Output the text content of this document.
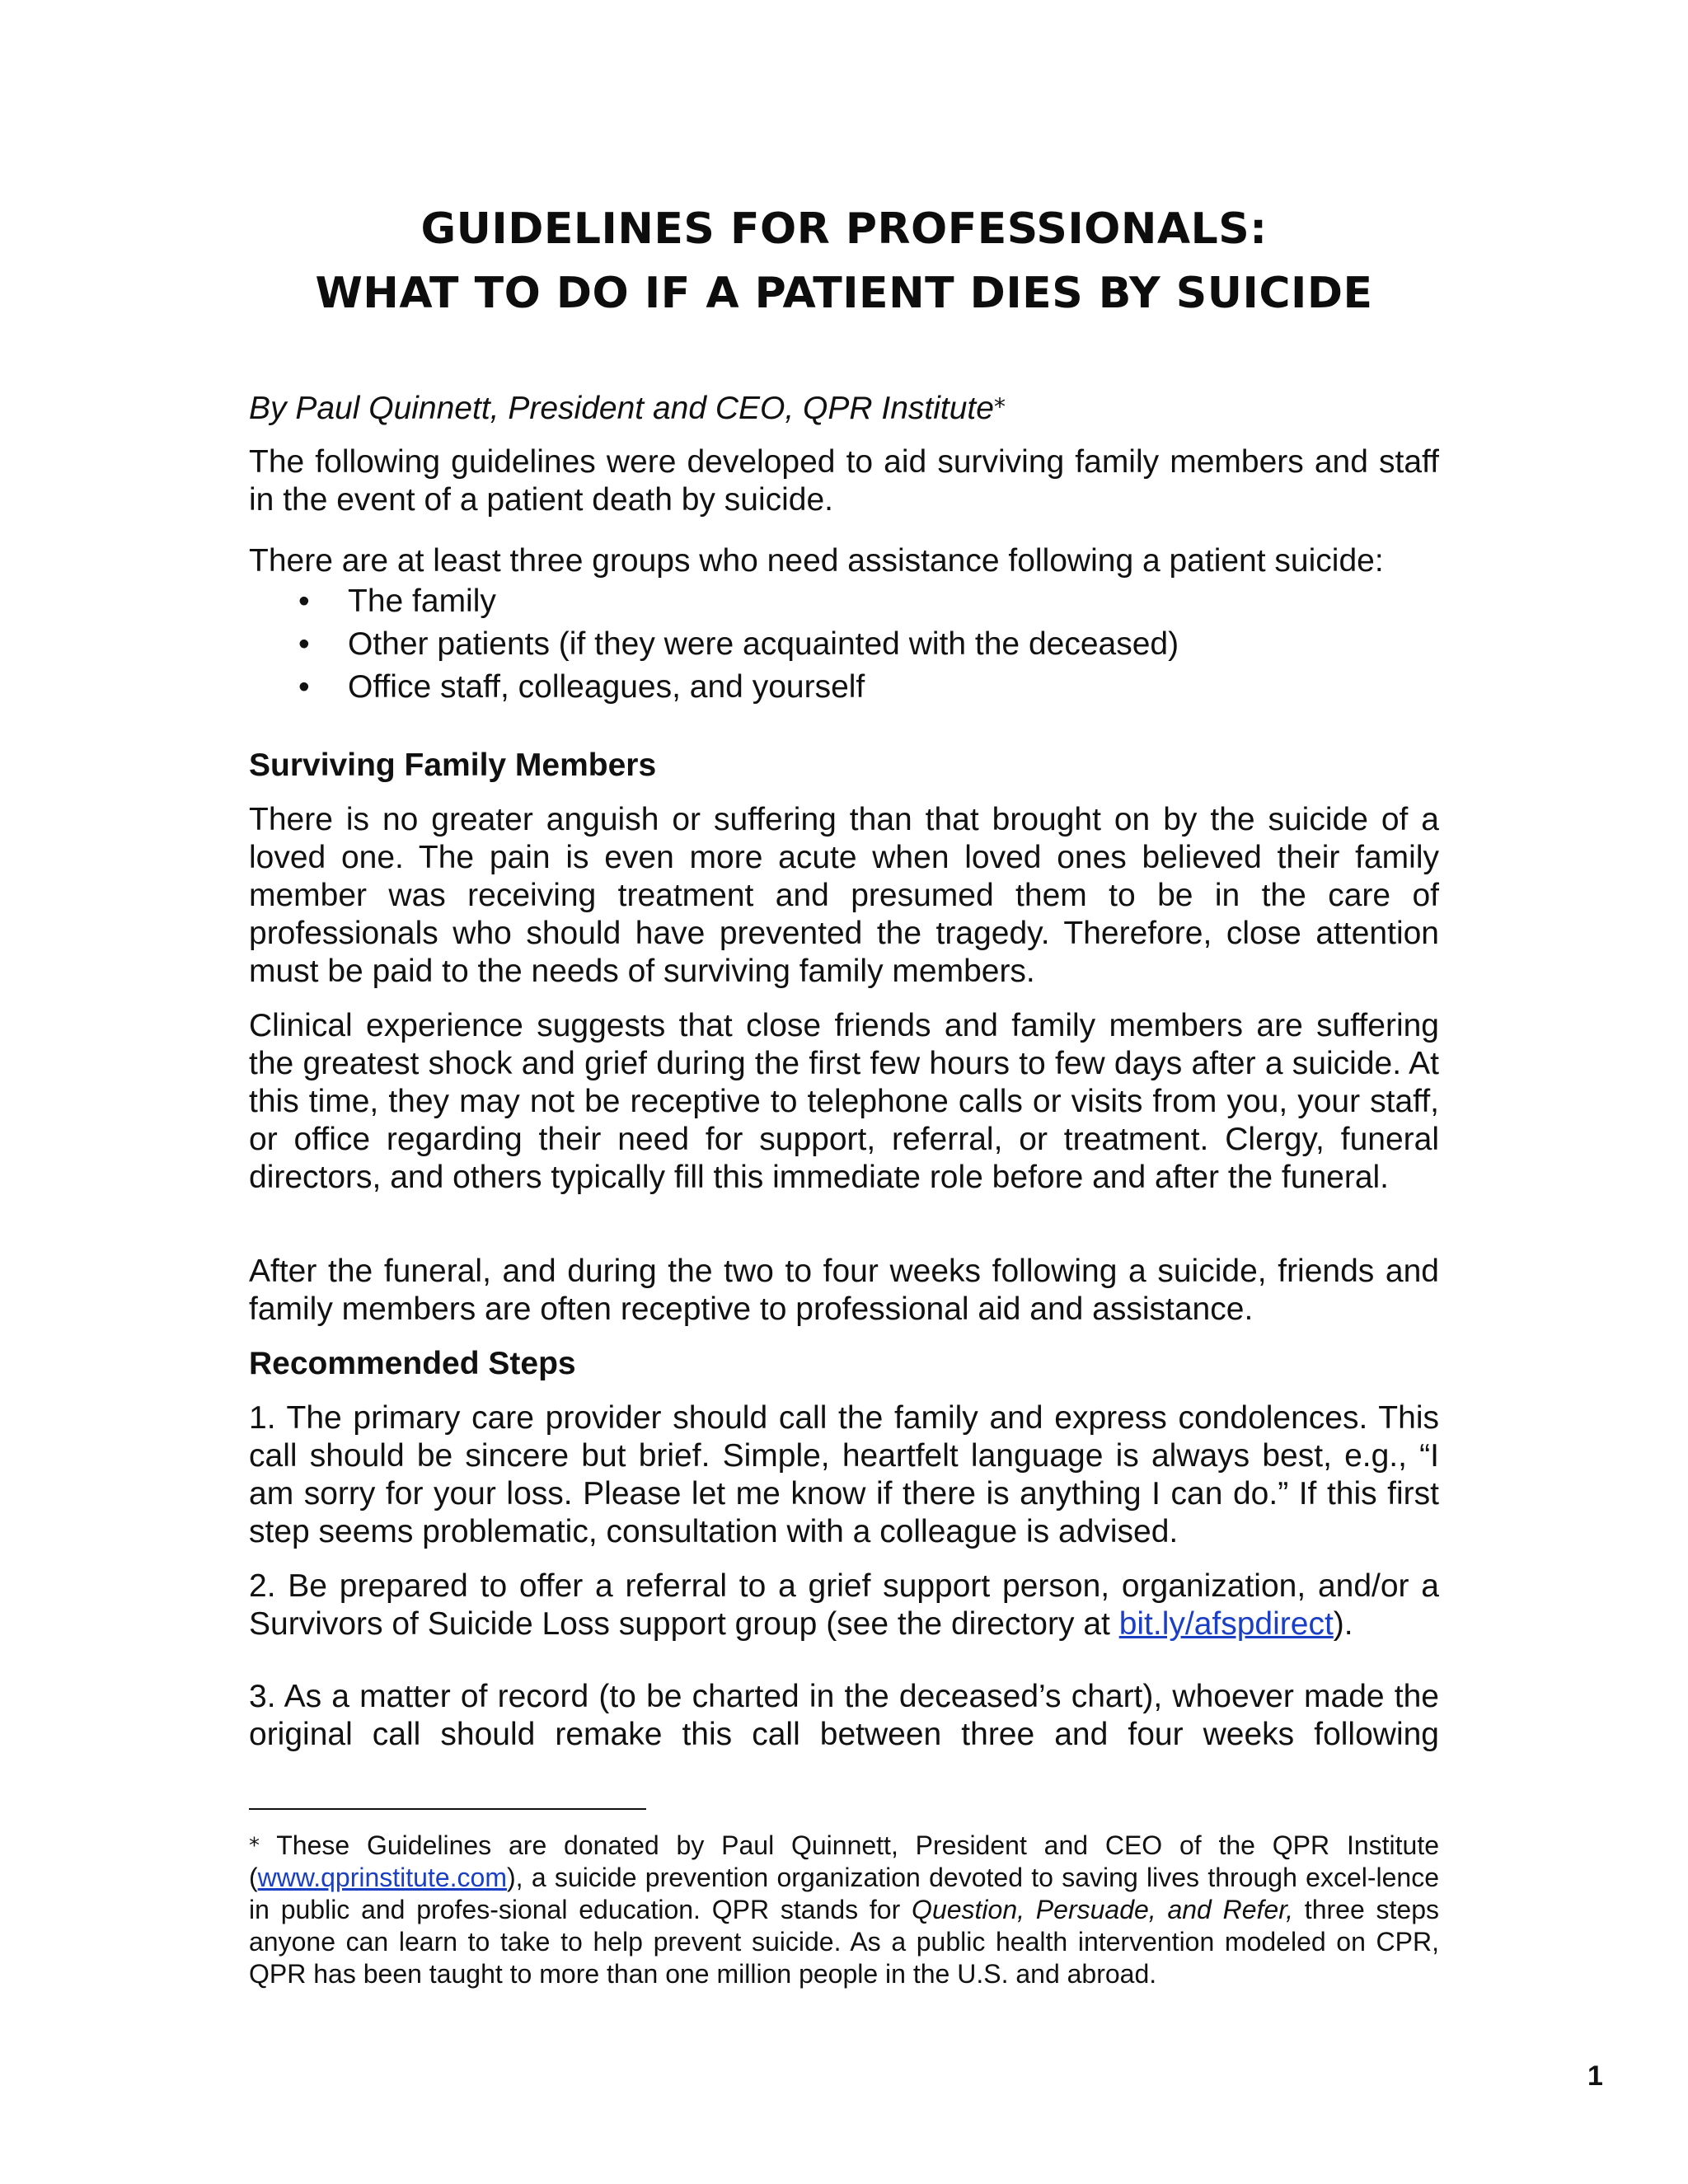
GUIDELINES FOR PROFESSIONALS:
WHAT TO DO IF A PATIENT DIES BY SUICIDE
By Paul Quinnett, President and CEO, QPR Institute⁎

The following guidelines were developed to aid surviving family members and staff in the event of a patient death by suicide.

There are at least three groups who need assistance following a patient suicide:

• The family
• Other patients (if they were acquainted with the deceased)
• Office staff, colleagues, and yourself

Surviving Family Members

There is no greater anguish or suffering than that brought on by the suicide of a loved one. The pain is even more acute when loved ones believed their family member was receiving treatment and presumed them to be in the care of professionals who should have prevented the tragedy. Therefore, close attention must be paid to the needs of surviving family members.

Clinical experience suggests that close friends and family members are suffering the greatest shock and grief during the first few hours to few days after a suicide. At this time, they may not be receptive to telephone calls or visits from you, your staff, or office regarding their need for support, referral, or treatment. Clergy, funeral directors, and others typically fill this immediate role before and after the funeral.

After the funeral, and during the two to four weeks following a suicide, friends and family members are often receptive to professional aid and assistance.

Recommended Steps

1. The primary care provider should call the family and express condolences. This call should be sincere but brief. Simple, heartfelt language is always best, e.g., “I am sorry for your loss. Please let me know if there is anything I can do.” If this first step seems problematic, consultation with a colleague is advised.

2. Be prepared to offer a referral to a grief support person, organization, and/or a Survivors of Suicide Loss support group (see the directory at bit.ly/afspdirect).

3. As a matter of record (to be charted in the deceased’s chart), whoever made the original call should remake this call between three and four weeks following

⁎ These Guidelines are donated by Paul Quinnett, President and CEO of the QPR Institute (www.qprinstitute.com), a suicide prevention organization devoted to saving lives through excel-lence in public and profes-sional education. QPR stands for Question, Persuade, and Refer, three steps anyone can learn to take to help prevent suicide. As a public health intervention modeled on CPR, QPR has been taught to more than one million people in the U.S. and abroad.
1
